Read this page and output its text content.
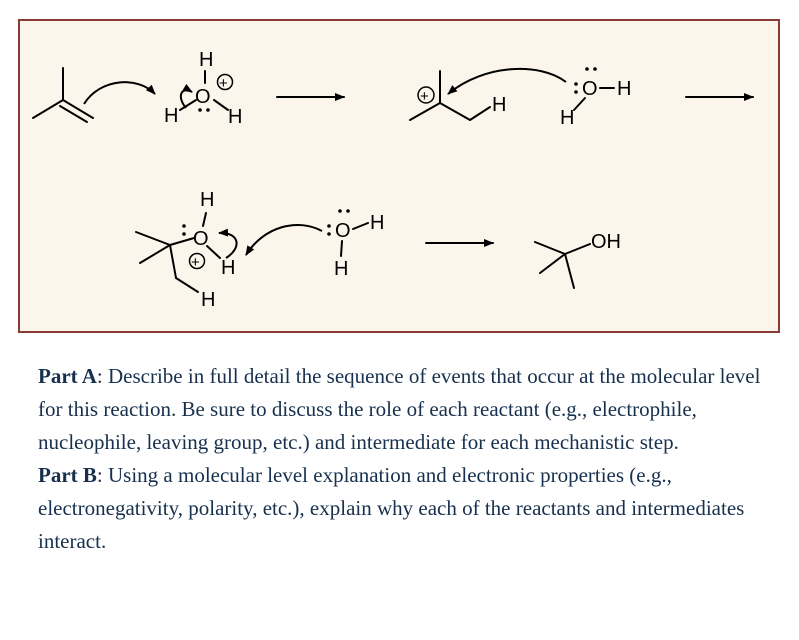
H
O
+
H H
+	H
O H
H
H
O
H
H
+
O H
H
OH

Part A: Describe in full detail the sequence of events that occur at the molecular level for this reaction. Be sure to discuss the role of each reactant (e.g., electrophile, nucleophile, leaving group, etc.) and intermediate for each mechanistic step.

Part B: Using a molecular level explanation and electronic properties (e.g., electronegativity, polarity, etc.), explain why each of the reactants and intermediates interact.
